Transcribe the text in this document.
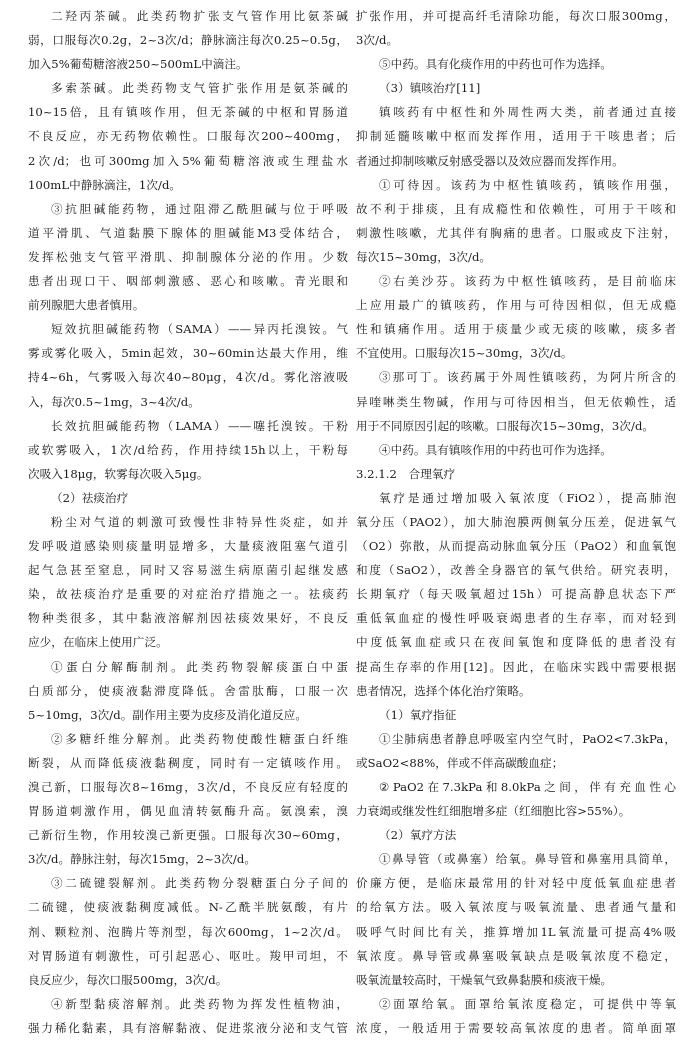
二羟丙茶碱。此类药物扩张支气管作用比氨茶碱
弱，口服每次0.2g，2~3次/d；静脉滴注每次0.25~0.5g，
加入5%葡萄糖溶液250~500mL中滴注。
多索茶碱。此类药物支气管扩张作用是氨茶碱的
10~15倍，且有镇咳作用，但无茶碱的中枢和胃肠道
不良反应，亦无药物依赖性。口服每次200~400mg，
2次/d；也可300mg加入5%葡萄糖溶液或生理盐水
100mL中静脉滴注，1次/d。
③抗胆碱能药物，通过阻滞乙酰胆碱与位于呼吸
道平滑肌、气道黏膜下腺体的胆碱能M3受体结合，
发挥松弛支气管平滑肌、抑制腺体分泌的作用。少数
患者出现口干、咽部刺激感、恶心和咳嗽。青光眼和
前列腺肥大患者慎用。
短效抗胆碱能药物（SAMA）——异丙托溴铵。气
雾或雾化吸入，5min起效，30~60min达最大作用，维
持4~6h，气雾吸入每次40~80μg，4次/d。雾化溶液吸
入，每次0.5~1mg，3~4次/d。
长效抗胆碱能药物（LAMA）——噻托溴铵。干粉
或软雾吸入，1次/d给药，作用持续15h以上，干粉每
次吸入18μg，软雾每次吸入5μg。
（2）祛痰治疗
粉尘对气道的刺激可致慢性非特异性炎症，如并
发呼吸道感染则痰量明显增多，大量痰液阻塞气道引
起气急甚至窒息，同时又容易滋生病原菌引起继发感
染，故祛痰治疗是重要的对症治疗措施之一。祛痰药
物种类很多，其中黏液溶解剂因祛痰效果好，不良反
应少，在临床上使用广泛。
①蛋白分解酶制剂。此类药物裂解痰蛋白中蛋
白质部分，使痰液黏滞度降低。舍雷肽酶，口服一次
5~10mg，3次/d。副作用主要为皮疹及消化道反应。
②多糖纤维分解剂。此类药物使酸性糖蛋白纤维
断裂，从而降低痰液黏稠度，同时有一定镇咳作用。
溴己新，口服每次8~16mg，3次/d，不良反应有轻度的
胃肠道刺激作用，偶见血清转氨酶升高。氨溴索，溴
己新衍生物，作用较溴己新更强。口服每次30~60mg，
3次/d。静脉注射，每次15mg，2~3次/d。
③二硫键裂解剂。此类药物分裂糖蛋白分子间的
二硫键，使痰液黏稠度减低。N-乙酰半胱氨酸，有片
剂、颗粒剂、泡腾片等剂型，每次600mg，1~2次/d。
对胃肠道有刺激性，可引起恶心、呕吐。羧甲司坦，不
良反应少，每次口服500mg，3次/d。
④新型黏痰溶解剂。此类药物为挥发性植物油，
强力稀化黏素，具有溶解黏液、促进浆液分泌和支气管
扩张作用，并可提高纤毛清除功能，每次口服300mg，
3次/d。
⑤中药。具有化痰作用的中药也可作为选择。
（3）镇咳治疗[11]
镇咳药有中枢性和外周性两大类，前者通过直接
抑制延髓咳嗽中枢而发挥作用，适用于干咳患者；后
者通过抑制咳嗽反射感受器以及效应器而发挥作用。
①可待因。该药为中枢性镇咳药，镇咳作用强，
故不利于排痰，且有成瘾性和依赖性，可用于干咳和
刺激性咳嗽，尤其伴有胸痛的患者。口服或皮下注射，
每次15~30mg，3次/d。
②右美沙芬。该药为中枢性镇咳药，是目前临床
上应用最广的镇咳药，作用与可待因相似，但无成瘾
性和镇痛作用。适用于痰量少或无痰的咳嗽，痰多者
不宜使用。口服每次15~30mg，3次/d。
③那可丁。该药属于外周性镇咳药，为阿片所含的
异喹啉类生物碱，作用与可待因相当，但无依赖性，适
用于不同原因引起的咳嗽。口服每次15~30mg，3次/d。
④中药。具有镇咳作用的中药也可作为选择。
3.2.1.2　合理氧疗
氧疗是通过增加吸入氧浓度（FiO2），提高肺泡
氧分压（PAO2），加大肺泡膜两侧氧分压差，促进氧气
（O2）弥散，从而提高动脉血氧分压（PaO2）和血氧饱
和度（SaO2），改善全身器官的氧气供给。研究表明，
长期氧疗（每天吸氧超过15h）可提高静息状态下严
重低氧血症的慢性呼吸衰竭患者的生存率，而对轻到
中度低氧血症或只在夜间氧饱和度降低的患者没有
提高生存率的作用[12]。因此，在临床实践中需要根据
患者情况，选择个体化治疗策略。
（1）氧疗指征
①尘肺病患者静息呼吸室内空气时，PaO2<7.3kPa，
或SaO2<88%，伴或不伴高碳酸血症；
②PaO2在7.3kPa和8.0kPa之间，伴有充血性心
力衰竭或继发性红细胞增多症（红细胞比容>55%）。
（2）氧疗方法
①鼻导管（或鼻塞）给氧。鼻导管和鼻塞用具简单，
价廉方便，是临床最常用的针对轻中度低氧血症患者
的给氧方法。吸入氧浓度与吸氧流量、患者通气量和
吸呼气时间比有关，推算增加1L氧流量可提高4%吸
氧浓度。鼻导管或鼻塞吸氧缺点是吸氧浓度不稳定，
吸氧流量较高时，干燥氧气致鼻黏膜和痰液干燥。
②面罩给氧。面罩给氧浓度稳定，可提供中等氧
浓度，一般适用于需要较高氧浓度的患者。简单面罩
